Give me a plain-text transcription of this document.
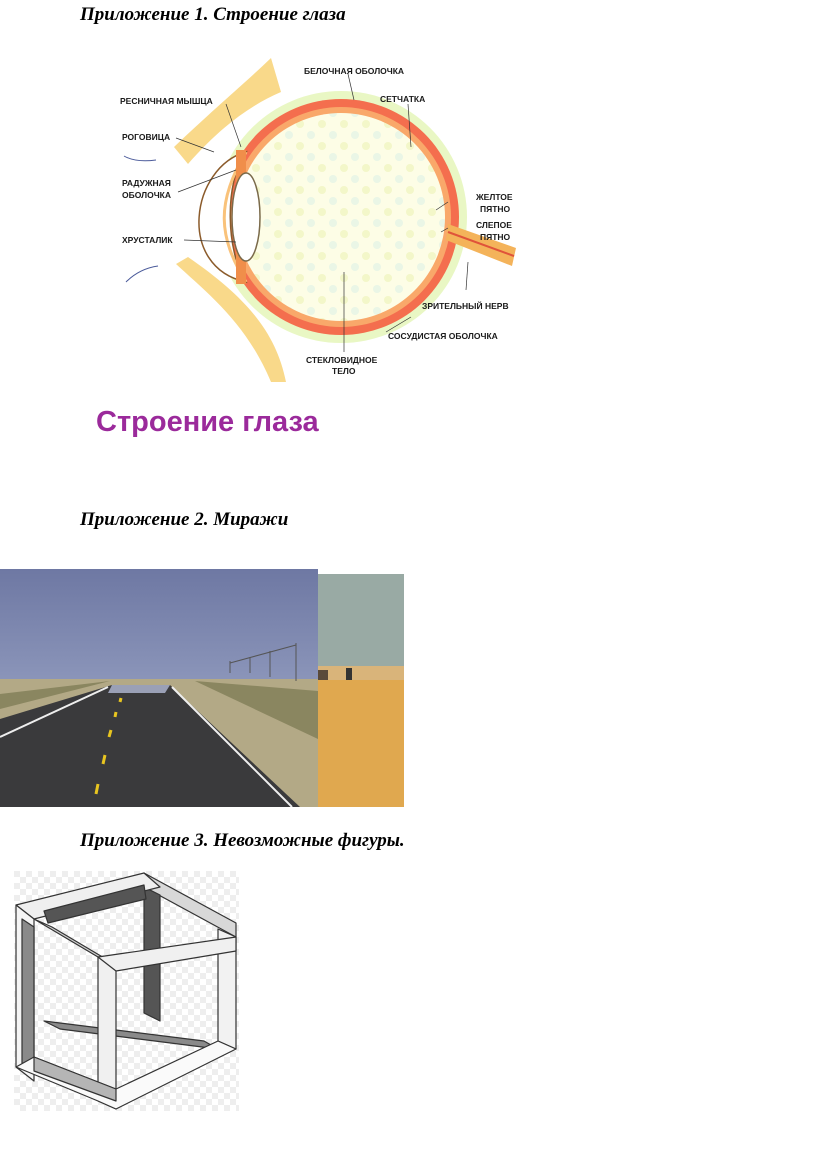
Приложение 1. Строение глаза
БЕЛОЧНАЯ ОБОЛОЧКА
РЕСНИЧНАЯ МЫШЦА	СЕТЧАТКА
РОГОВИЦА
РАДУЖНАЯ
ОБОЛОЧКА	ЖЕЛТОЕ
ПЯТНО
СЛЕПОЕ
ПЯТНО
ХРУСТАЛИК
ЗРИТЕЛЬНЫЙ НЕРВ
СОСУДИСТАЯ ОБОЛОЧКА
СТЕКЛОВИДНОЕ
ТЕЛО

Строение глаза

Приложение 2. Миражи
Приложение 3. Невозможные фигуры.
